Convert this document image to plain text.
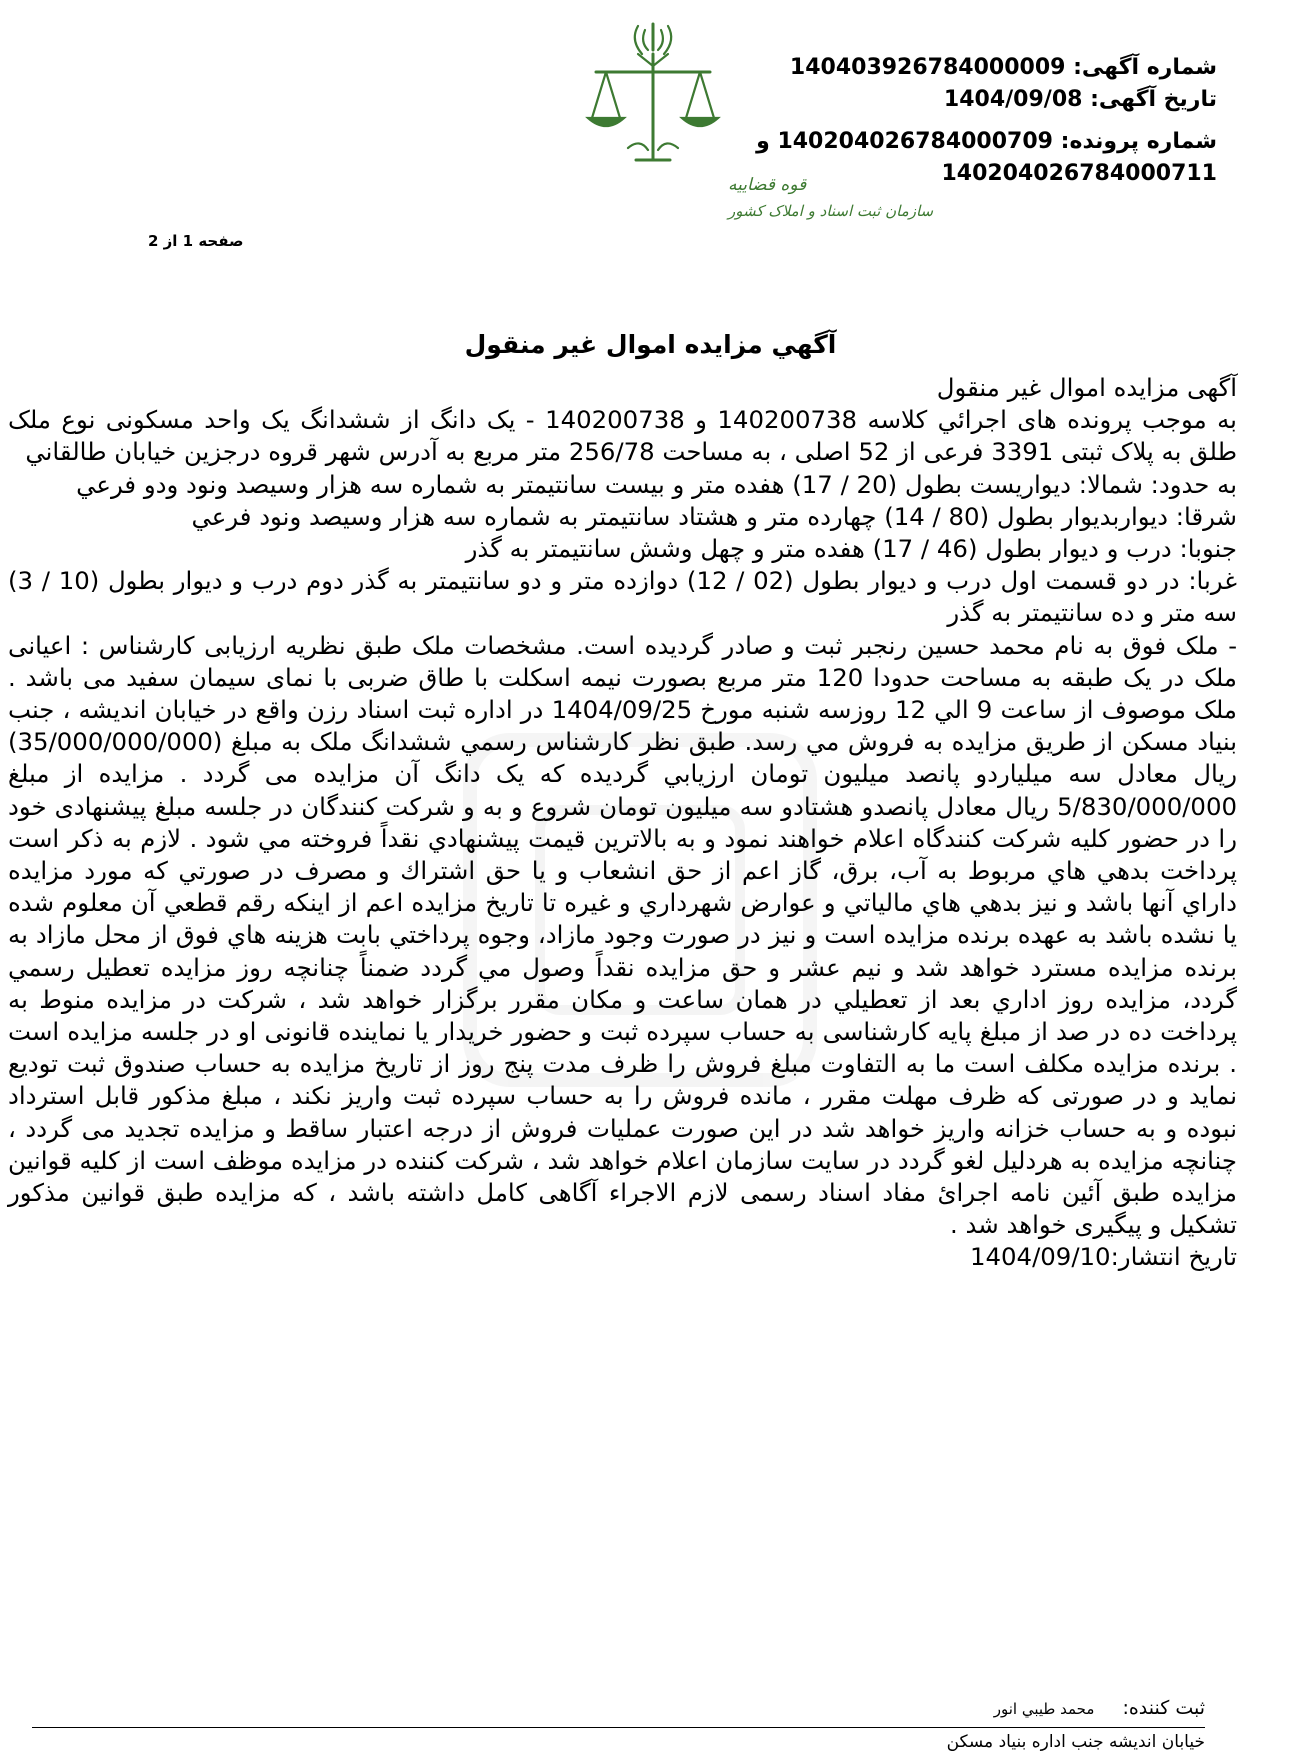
قوه قضاییه
سازمان ثبت اسناد و املاک کشور
شماره آگهی: 140403926784000009
تاریخ آگهی: 1404/09/08
شماره پرونده: 140204026784000709 و
140204026784000711
صفحه 1 از 2
آگهي مزايده اموال غير منقول
آگهی مزایده اموال غیر منقول
به موجب پرونده های اجرائي کلاسه 140200738 و 140200738 - یک دانگ از ششدانگ یک واحد مسکونی نوع ملک طلق به پلاک ثبتی 3391 فرعی از 52 اصلی ، به مساحت 256/78 متر مربع به آدرس شهر قروه درجزین خیابان طالقاني
به حدود: شمالا: دیواریست بطول (20 / 17) هفده متر و بیست سانتیمتر به شماره سه هزار وسیصد ونود ودو فرعي
شرقا: دیواربدیوار بطول (80 / 14) چهارده متر و هشتاد سانتیمتر به شماره سه هزار وسیصد ونود فرعي
جنوبا: درب و دیوار بطول (46 / 17) هفده متر و چهل وشش سانتیمتر به گذر
غربا: در دو قسمت اول درب و دیوار بطول (02 / 12) دوازده متر و دو سانتیمتر به گذر دوم درب و دیوار بطول (10 / 3) سه متر و ده سانتیمتر به گذر
- ملک فوق به نام محمد حسين رنجبر ثبت و صادر گردیده است. مشخصات ملک طبق نظریه ارزیابی کارشناس : اعیانی ملک در یک طبقه به مساحت حدودا 120 متر مربع بصورت نیمه اسکلت با طاق ضربی با نمای سیمان سفید می باشد . ملک موصوف از ساعت 9 الي 12 روزسه شنبه مورخ 1404/09/25 در اداره ثبت اسناد رزن واقع در خیابان اندیشه ، جنب بنیاد مسکن از طریق مزايده به فروش مي رسد. طبق نظر كارشناس رسمي ششدانگ ملک به مبلغ (35/000/000/000) ریال معادل سه میلیاردو پانصد میلیون تومان ارزيابي گرديده كه یک دانگ آن مزایده می گردد . مزایده از مبلغ 5/830/000/000 ریال معادل پانصدو هشتادو سه میلیون تومان شروع و به و شركت كنندگان در جلسه مبلغ پیشنهادی خود را در حضور كليه شركت كنندگاه اعلام خواهند نمود و به بالاترين قيمت پيشنهادي نقداً فروخته مي شود . لازم به ذکر است پرداخت بدهي هاي مربوط به آب، برق، گاز اعم از حق انشعاب و يا حق اشتراك و مصرف در صورتي كه مورد مزايده داراي آنها باشد و نيز بدهي هاي مالياتي و عوارض شهرداري و غيره تا تاريخ مزايده اعم از اينكه رقم قطعي آن معلوم شده يا نشده باشد به عهده برنده مزايده است و نيز در صورت وجود مازاد، وجوه پرداختي بابت هزينه هاي فوق از محل مازاد به برنده مزايده مسترد خواهد شد و نيم عشر و حق مزايده نقداً وصول مي گردد ضمناً چنانچه روز مزايده تعطيل رسمي گردد، مزايده روز اداري بعد از تعطيلي در همان ساعت و مكان مقرر برگزار خواهد شد ، شرکت در مزایده منوط به پرداخت ده در صد از مبلغ پایه کارشناسی به حساب سپرده ثبت و حضور خریدار یا نماینده قانونی او در جلسه مزایده است . برنده مزایده مکلف است ما به التفاوت مبلغ فروش را ظرف مدت پنج روز از تاریخ مزایده به حساب صندوق ثبت تودیع نماید و در صورتی که ظرف مهلت مقرر ، مانده فروش را به حساب سپرده ثبت واریز نکند ، مبلغ مذکور قابل استرداد نبوده و به حساب خزانه واریز خواهد شد در این صورت عملیات فروش از درجه اعتبار ساقط و مزایده تجدید می گردد ، چنانچه مزایده به هردلیل لغو گردد در سایت سازمان اعلام خواهد شد ، شرکت کننده در مزایده موظف است از کلیه قوانین مزایده طبق آئین نامه اجرائ مفاد اسناد رسمی لازم الاجراء آگاهی کامل داشته باشد ، که مزایده طبق قوانین مذکور تشکیل و پیگیری خواهد شد .
تاریخ انتشار:1404/09/10
ثبت کننده: محمد طيبي انور
خیابان اندیشه جنب اداره بنیاد مسکن
